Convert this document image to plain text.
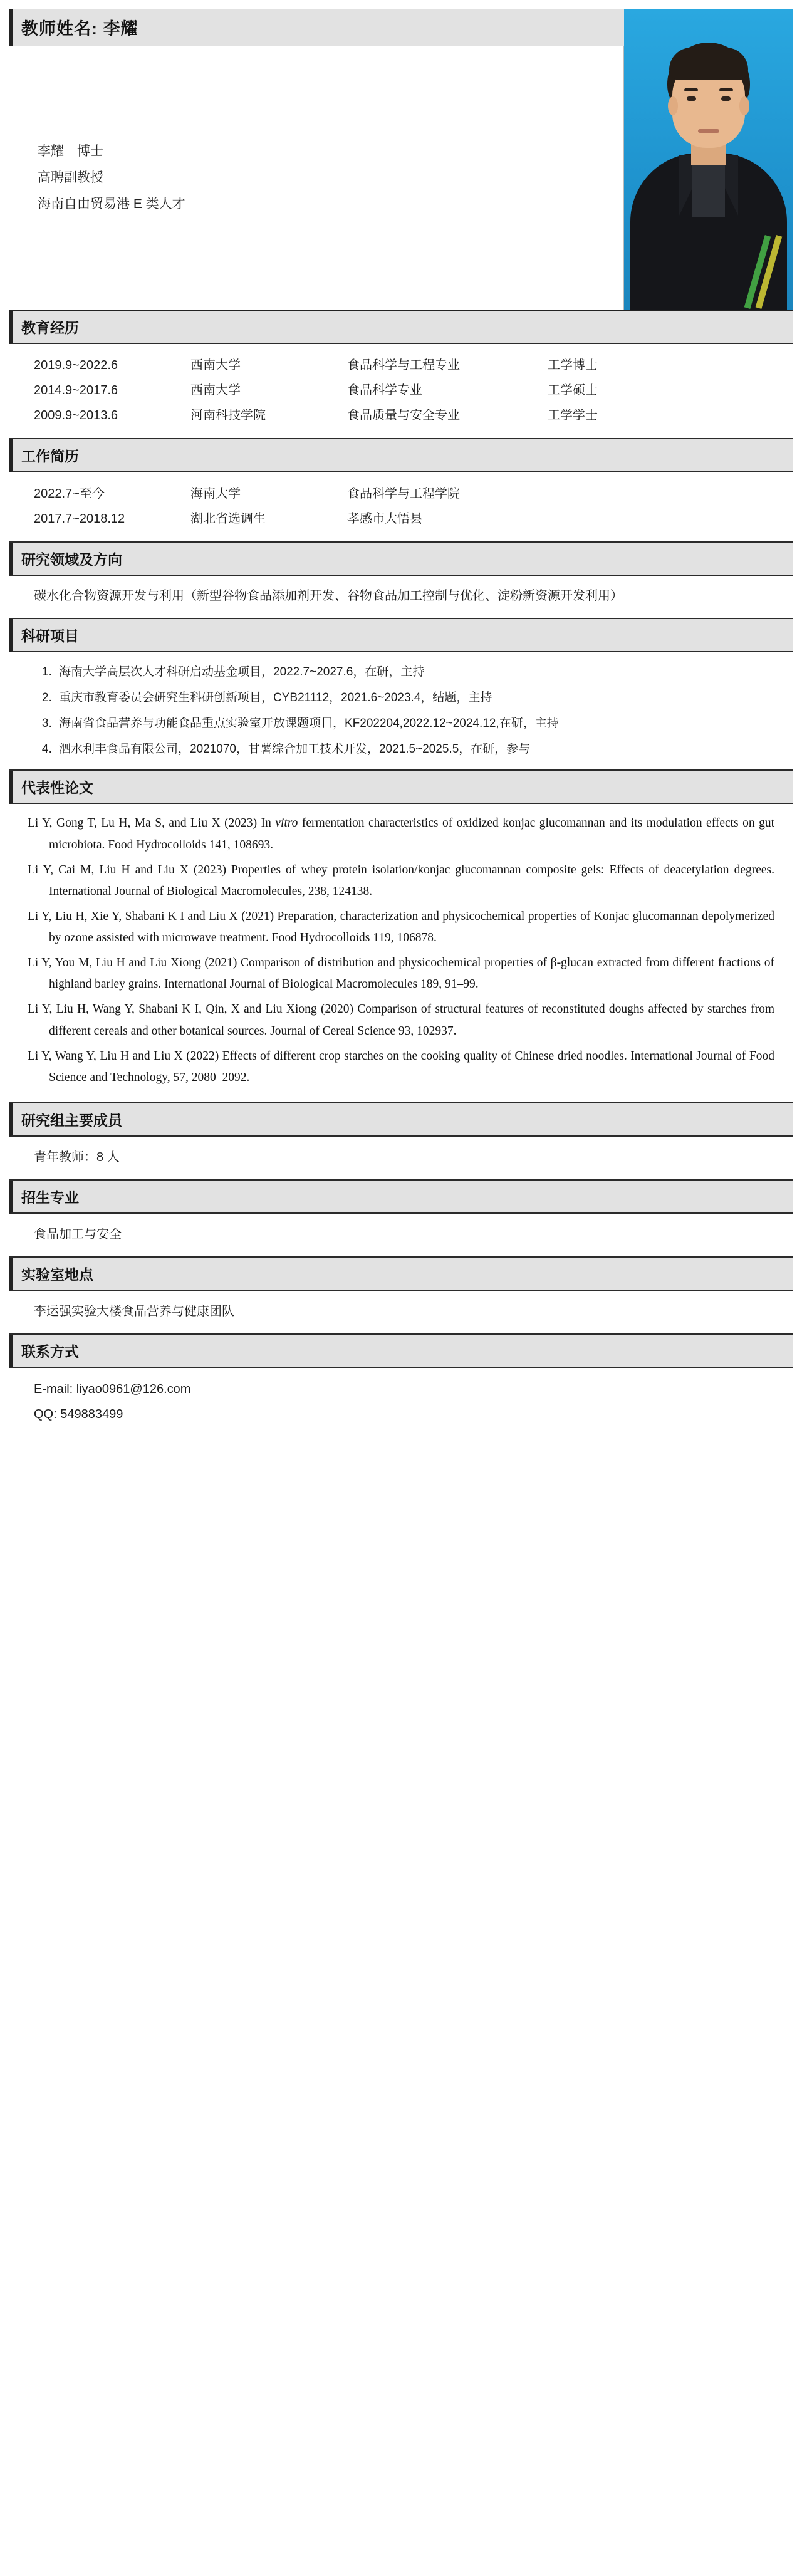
教师姓名: 李耀
李耀　博士
高聘副教授
海南自由贸易港 E 类人才
教育经历
2019.9~2022.6	西南大学	食品科学与工程专业	工学博士
2014.9~2017.6	西南大学	食品科学专业	工学硕士
2009.9~2013.6	河南科技学院	食品质量与安全专业	工学学士
工作简历
2022.7~至今	海南大学	食品科学与工程学院
2017.7~2018.12	湖北省选调生	孝感市大悟县
研究领域及方向
碳水化合物资源开发与利用（新型谷物食品添加剂开发、谷物食品加工控制与优化、淀粉新资源开发利用）
科研项目
1. 海南大学高层次人才科研启动基金项目，2022.7~2027.6，在研，主持
2. 重庆市教育委员会研究生科研创新项目，CYB21112，2021.6~2023.4，结题，主持
3. 海南省食品营养与功能食品重点实验室开放课题项目，KF202204,2022.12~2024.12,在研，主持
4. 泗水利丰食品有限公司，2021070，甘薯综合加工技术开发，2021.5~2025.5，在研，参与
代表性论文
Li Y, Gong T, Lu H, Ma S, and Liu X (2023) In vitro fermentation characteristics of oxidized konjac glucomannan and its modulation effects on gut microbiota. Food Hydrocolloids 141, 108693.
Li Y, Cai M, Liu H and Liu X (2023) Properties of whey protein isolation/konjac glucomannan composite gels: Effects of deacetylation degrees. International Journal of Biological Macromolecules, 238, 124138.
Li Y, Liu H, Xie Y, Shabani K I and Liu X (2021) Preparation, characterization and physicochemical properties of Konjac glucomannan depolymerized by ozone assisted with microwave treatment. Food Hydrocolloids 119, 106878.
Li Y, You M, Liu H and Liu Xiong (2021) Comparison of distribution and physicochemical properties of β-glucan extracted from different fractions of highland barley grains. International Journal of Biological Macromolecules 189, 91–99.
Li Y, Liu H, Wang Y, Shabani K I, Qin, X and Liu Xiong (2020) Comparison of structural features of reconstituted doughs affected by starches from different cereals and other botanical sources. Journal of Cereal Science 93, 102937.
Li Y, Wang Y, Liu H and Liu X (2022) Effects of different crop starches on the cooking quality of Chinese dried noodles. International Journal of Food Science and Technology, 57, 2080–2092.
研究组主要成员
青年教师：8 人
招生专业
食品加工与安全
实验室地点
李运强实验大楼食品营养与健康团队
联系方式
E-mail: liyao0961@126.com
QQ: 549883499
